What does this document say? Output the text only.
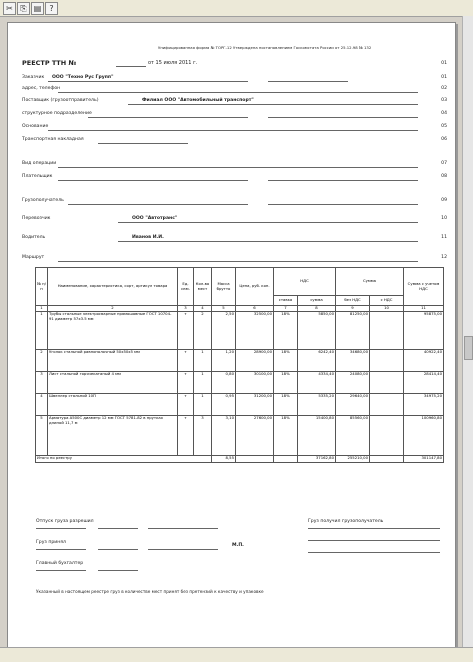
✂ ⎘ ▤	?
Унифицированная форма № ТОРГ-12 Утверждена постановлением Госкомстата России от 25.12.98 № 132
РЕЕСТР ТТН №	от 15 июля 2011 г.	01
Заказчик ООО "Техно Рус Групп"	01
адрес, телефон	02
Поставщик (грузоотправитель)	Филиал ООО "Автомобильный транспорт"	03
структурное подразделение	04
Основание	05
Транспортная накладная	06
Вид операции	07
Плательщик	08
Грузополучатель	09
Перевозчик	ООО "Автотранс"	10
Водитель	Иванов И.И.	11
Маршрут	12
№ п/п	Наименование, характеристика, сорт, артикул товара	Ед. изм.	Кол-во мест	Масса брутто	Цена, руб. коп.	НДС		Сумма		Сумма с учетом НДС
						ставка	сумма	без НДС	с НДС	
1	2	3	4	5	6	7	8	9	10	11
1	Трубы стальные электросварные прямошовные ГОСТ 10704-91 диаметр 57х3.5 мм	т	2	2,50	32500,00	18%	5850,00	81250,00		95875,00
2	Уголок стальной равнополочный 50х50х5 мм	т	1	1,20	28900,00	18%	6242,40	34680,00		40922,40
3	Лист стальной горячекатаный 4 мм	т	1	0,80	30100,00	18%	4334,40	24080,00		28414,40
4	Швеллер стальной 10П	т	1	0,95	31200,00	18%	5335,20	29640,00		34975,20
5	Арматура А500С диаметр 12 мм ГОСТ 5781-82 в прутках длиной 11,7 м	т	3	3,10	27600,00	18%	15400,80	85560,00		100960,80
Итого по реестру				8,55			37162,80	255210,00		301147,80
Отпуск груза разрешил
Груз принял
Главный бухгалтер
М.П.
Груз получил грузополучатель
Указанный в настоящем реестре груз в количестве мест принят без претензий к качеству и упаковке
